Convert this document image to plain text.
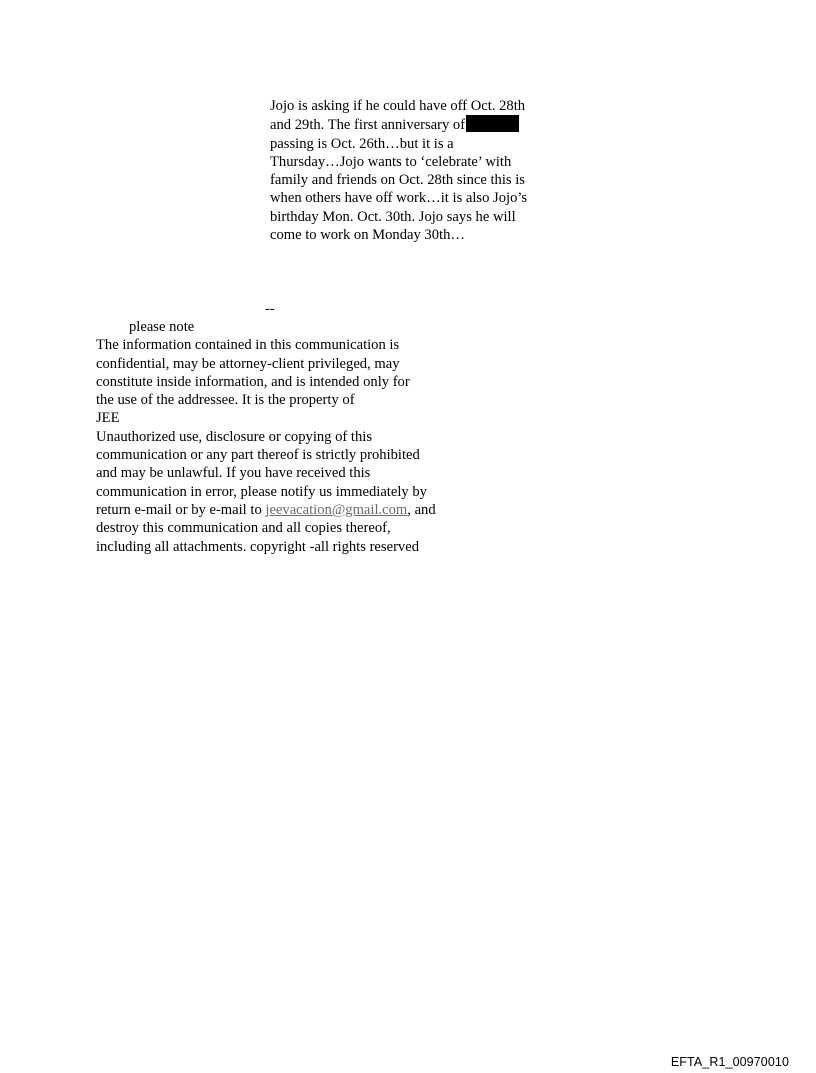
Jojo is asking if he could have off Oct. 28th
and 29th. The first anniversary of
passing is Oct. 26th…but it is a
Thursday…Jojo wants to ‘celebrate’ with
family and friends on Oct. 28th since this is
when others have off work…it is also Jojo’s
birthday Mon. Oct. 30th. Jojo says he will
come to work on Monday 30th…
--
please note
The information contained in this communication is
confidential, may be attorney-client privileged, may
constitute inside information, and is intended only for
the use of the addressee. It is the property of
JEE
Unauthorized use, disclosure or copying of this
communication or any part thereof is strictly prohibited
and may be unlawful. If you have received this
communication in error, please notify us immediately by
return e-mail or by e-mail to jeevacation@gmail.com, and
destroy this communication and all copies thereof,
including all attachments. copyright -all rights reserved
EFTA_R1_00970010
